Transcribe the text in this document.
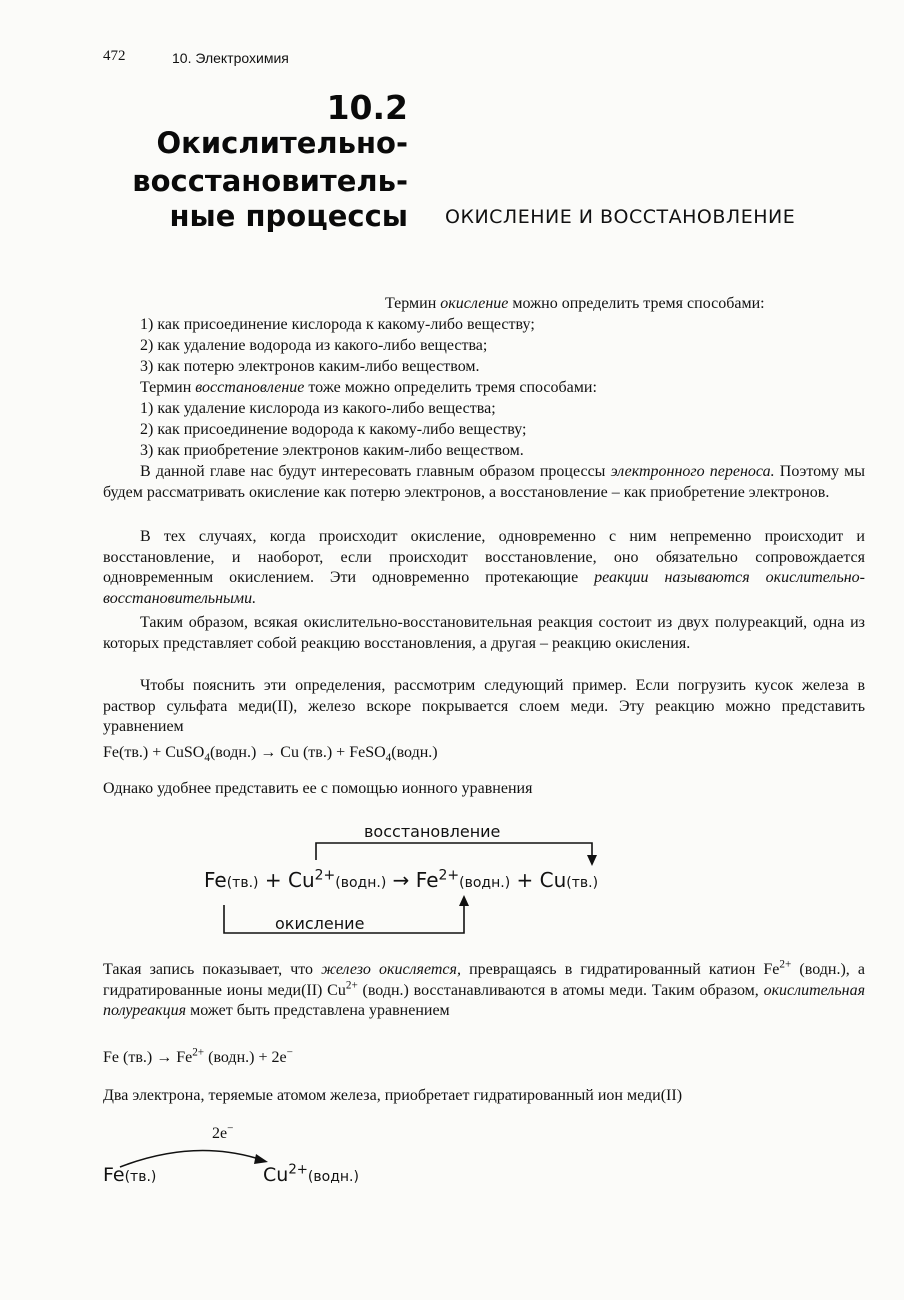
472	10. Электрохимия
10.2
Окислительно-
восстановитель-
ные процессы ОКИСЛЕНИЕ И ВОССТАНОВЛЕНИЕ
Термин окисление можно определить тремя способами:
1) как присоединение кислорода к какому-либо веществу;
2) как удаление водорода из какого-либо вещества;
3) как потерю электронов каким-либо веществом.
Термин восстановление тоже можно определить тремя способами:
1) как удаление кислорода из какого-либо вещества;
2) как присоединение водорода к какому-либо веществу;
3) как приобретение электронов каким-либо веществом.
В данной главе нас будут интересовать главным образом процессы электронного переноса. Поэтому мы будем рассматривать окисление как потерю электронов, а восстановление – как приобретение электронов.
В тех случаях, когда происходит окисление, одновременно с ним непременно происходит и восстановление, и наоборот, если происходит восстановление, оно обязательно сопровождается одновременным окислением. Эти одновременно протекающие реакции называются окислительно-восстановительными.
Таким образом, всякая окислительно-восстановительная реакция состоит из двух полуреакций, одна из которых представляет собой реакцию восстановления, а другая – реакцию окисления.
Чтобы пояснить эти определения, рассмотрим следующий пример. Если погрузить кусок железа в раствор сульфата меди(II), железо вскоре покрывается слоем меди. Эту реакцию можно представить уравнением
Fe(тв.) + CuSO$_4$(водн.) → Cu (тв.) + FeSO$_4$(водн.)
Однако удобнее представить ее с помощью ионного уравнения
восстановление
окисление
$Fe(тв.) + Cu^{2+}(водн.)$ → $Fe^{2+}(водн.) + Cu(тв.)$
Такая запись показывает, что железо окисляется, превращаясь в гидратированный катион $Fe^{2+}$ (водн.), а гидратированные ионы меди(II) $Cu^{2+}$ (водн.) восстанавливаются в атомы меди. Таким образом, окислительная полуреакция может быть представлена уравнением
Fe $(тв.) \to Fe^{2+}$ (водн.) + 2e−
Два электрона, теряемые атомом железа, приобретает гидратированный ион меди(II)
2e−
Fe(тв.)	$Cu^{2+}(водн.)$
